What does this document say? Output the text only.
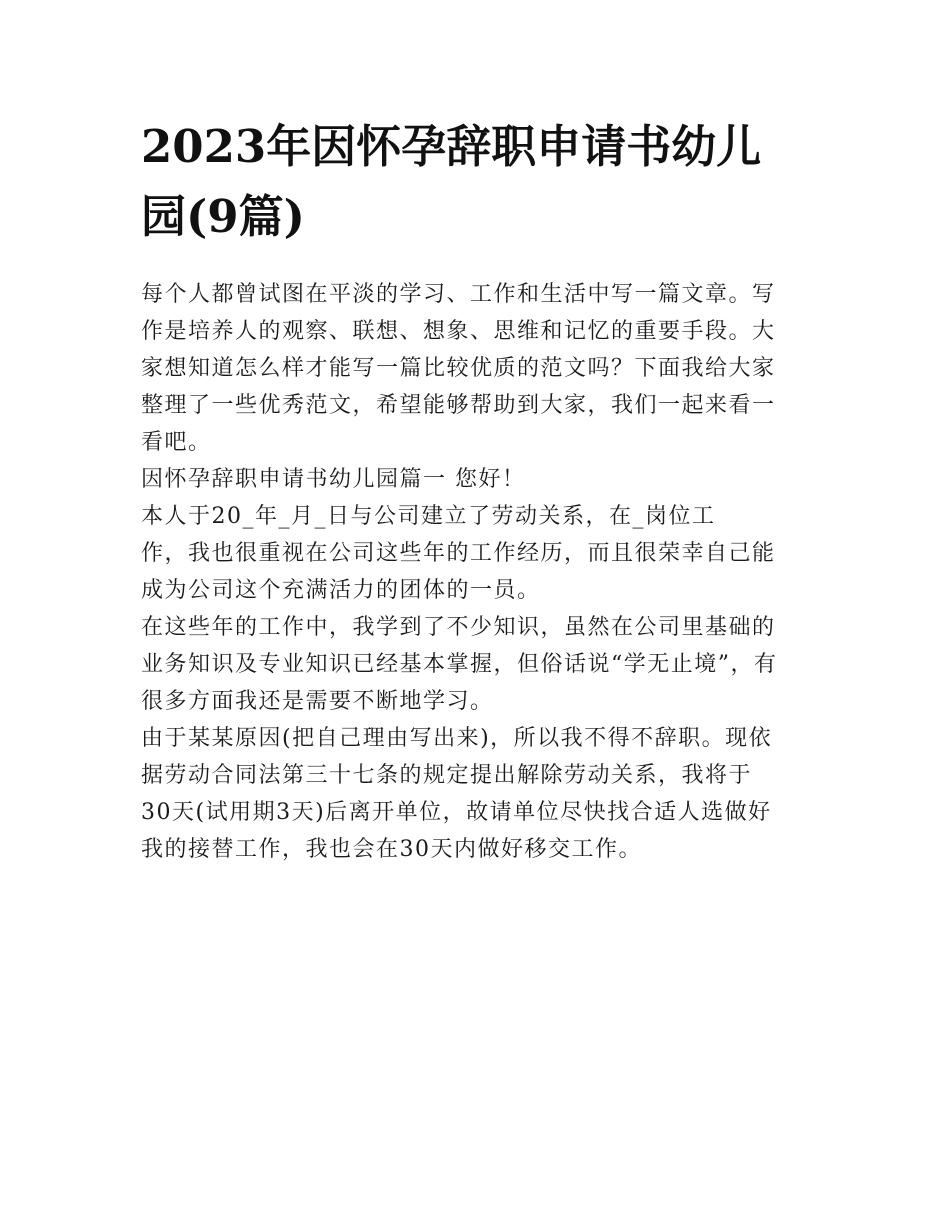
2023年因怀孕辞职申请书幼儿
园(9篇)

每个人都曾试图在平淡的学习、工作和生活中写一篇文章。写
作是培养人的观察、联想、想象、思维和记忆的重要手段。大
家想知道怎么样才能写一篇比较优质的范文吗？下面我给大家
整理了一些优秀范文，希望能够帮助到大家，我们一起来看一
看吧。

因怀孕辞职申请书幼儿园篇一 您好！

本人于20_年_月_日与公司建立了劳动关系，在_岗位工
作，我也很重视在公司这些年的工作经历，而且很荣幸自己能
成为公司这个充满活力的团体的一员。

在这些年的工作中，我学到了不少知识，虽然在公司里基础的
业务知识及专业知识已经基本掌握，但俗话说“学无止境”，有
很多方面我还是需要不断地学习。

由于某某原因(把自己理由写出来)，所以我不得不辞职。现依
据劳动合同法第三十七条的规定提出解除劳动关系，我将于
30天(试用期3天)后离开单位，故请单位尽快找合适人选做好
我的接替工作，我也会在30天内做好移交工作。
